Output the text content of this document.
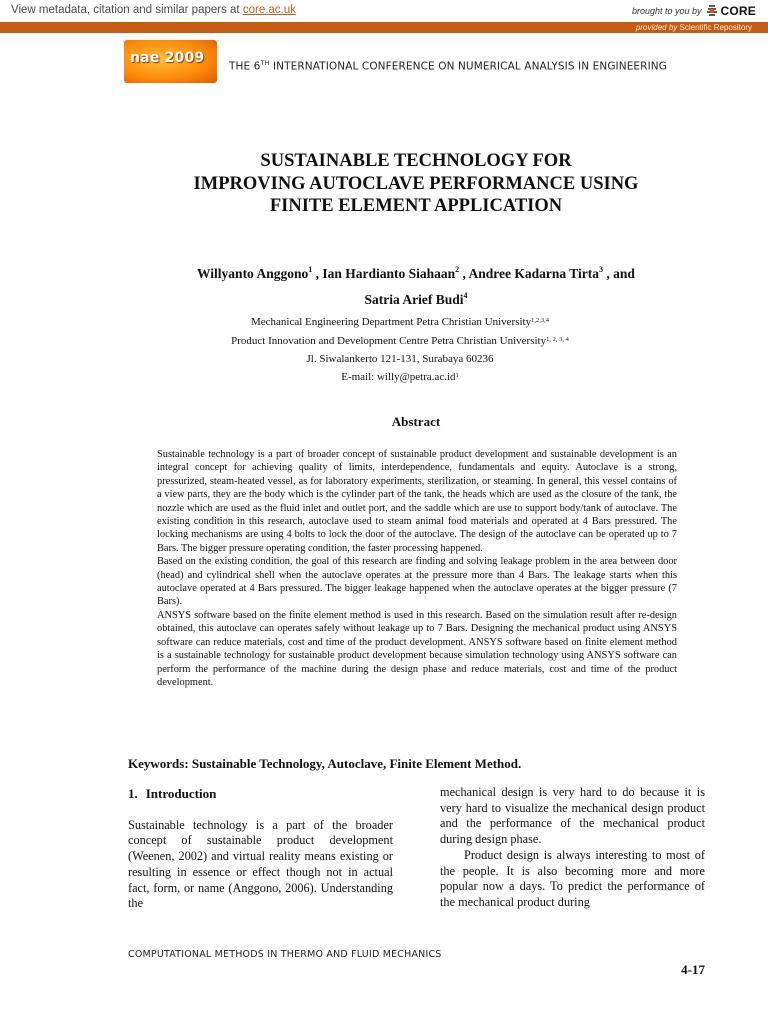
View metadata, citation and similar papers at core.ac.uk	brought to you by CORE
provided by Scientific Repository
nae 2009
THE 6TH INTERNATIONAL CONFERENCE ON NUMERICAL ANALYSIS IN ENGINEERING
SUSTAINABLE TECHNOLOGY FOR
IMPROVING AUTOCLAVE PERFORMANCE USING
FINITE ELEMENT APPLICATION
Willyanto Anggono$^1$ , Ian Hardianto Siahaan$^2$ , Andree Kadarna Tirta$^3$ , and
Satria Arief Budi$^4$
Mechanical Engineering Department Petra Christian University$^{1,2,3,4}$
Product Innovation and Development Centre Petra Christian University$^{1, 2, 3, 4}$
Jl. Siwalankerto 121-131, Surabaya 60236
E-mail: $willy@petra.ac.id^1$
Abstract

Sustainable technology is a part of broader concept of sustainable product development and sustainable development is an integral concept for achieving quality of limits, interdependence, fundamentals and equity. Autoclave is a strong, pressurized, steam-heated vessel, as for laboratory experiments, sterilization, or steaming. In general, this vessel contains of a view parts, they are the body which is the cylinder part of the tank, the heads which are used as the closure of the tank, the nozzle which are used as the fluid inlet and outlet port, and the saddle which are use to support body/tank of autoclave. The existing condition in this research, autoclave used to steam animal food materials and operated at 4 Bars pressured. The locking mechanisms are using 4 bolts to lock the door of the autoclave. The design of the autoclave can be operated up to 7 Bars. The bigger pressure operating condition, the faster processing happened.

Based on the existing condition, the goal of this research are finding and solving leakage problem in the area between door (head) and cylindrical shell when the autoclave operates at the pressure more than 4 Bars. The leakage starts when this autoclave operated at 4 Bars pressured. The bigger leakage happened when the autoclave operates at the bigger pressure (7 Bars).

ANSYS software based on the finite element method is used in this research. Based on the simulation result after re-design obtained, this autoclave can operates safely without leakage up to 7 Bars. Designing the mechanical product using ANSYS software can reduce materials, cost and time of the product development. ANSYS software based on finite element method is a sustainable technology for sustainable product development because simulation technology using ANSYS software can perform the performance of the machine during the design phase and reduce materials, cost and time of the product development.

Keywords: Sustainable Technology, Autoclave, Finite Element Method.
1. Introduction

Sustainable technology is a part of the broader concept of sustainable product development (Weenen, 2002) and virtual reality means existing or resulting in essence or effect though not in actual fact, form, or name (Anggono, 2006). Understanding the

mechanical design is very hard to do because it is very hard to visualize the mechanical design product and the performance of the mechanical product during design phase.

Product design is always interesting to most of the people. It is also becoming more and more popular now a days. To predict the performance of the mechanical product during

COMPUTATIONAL METHODS IN THERMO AND FLUID MECHANICS
4-17
